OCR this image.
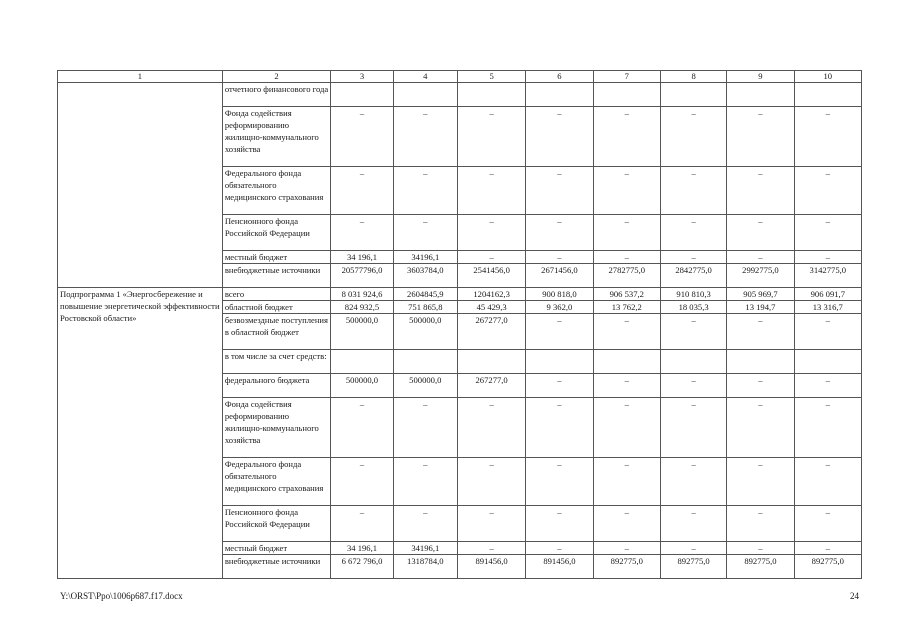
1	2	3	4	5	6	7	8	9	10
	отчетного финансового года								
	Фонда содействия реформированию жилищно-коммунального хозяйства	–	–	–	–	–	–	–	–
	Федерального фонда обязательного медицинского страхования	–	–	–	–	–	–	–	–
	Пенсионного фонда Российской Федерации	–	–	–	–	–	–	–	–
	местный бюджет	34 196,1	34196,1	–	–	–	–	–	–
	внебюджетные источники	20577796,0	3603784,0	2541456,0	2671456,0	2782775,0	2842775,0	2992775,0	3142775,0
Подпрограмма 1 «Энергосбережение и повышение энергетической эффективности Ростовской области»	всего	8 031 924,6	2604845,9	1204162,3	900 818,0	906 537,2	910 810,3	905 969,7	906 091,7
	областной бюджет	824 932,5	751 865,8	45 429,3	9 362,0	13 762,2	18 035,3	13 194,7	13 316,7
	безвозмездные поступления в областной бюджет	500000,0	500000,0	267277,0	–	–	–	–	–
	в том числе за счет средств:								
	федерального бюджета	500000,0	500000,0	267277,0	–	–	–	–	–
	Фонда содействия реформированию жилищно-коммунального хозяйства	–	–	–	–	–	–	–	–
	Федерального фонда обязательного медицинского страхования	–	–	–	–	–	–	–	–
	Пенсионного фонда Российской Федерации	–	–	–	–	–	–	–	–
	местный бюджет	34 196,1	34196,1	–	–	–	–	–	–
	внебюджетные источники	6 672 796,0	1318784,0	891456,0	891456,0	892775,0	892775,0	892775,0	892775,0
Y:\ORST\Ppo\1006p687.f17.docx	24
